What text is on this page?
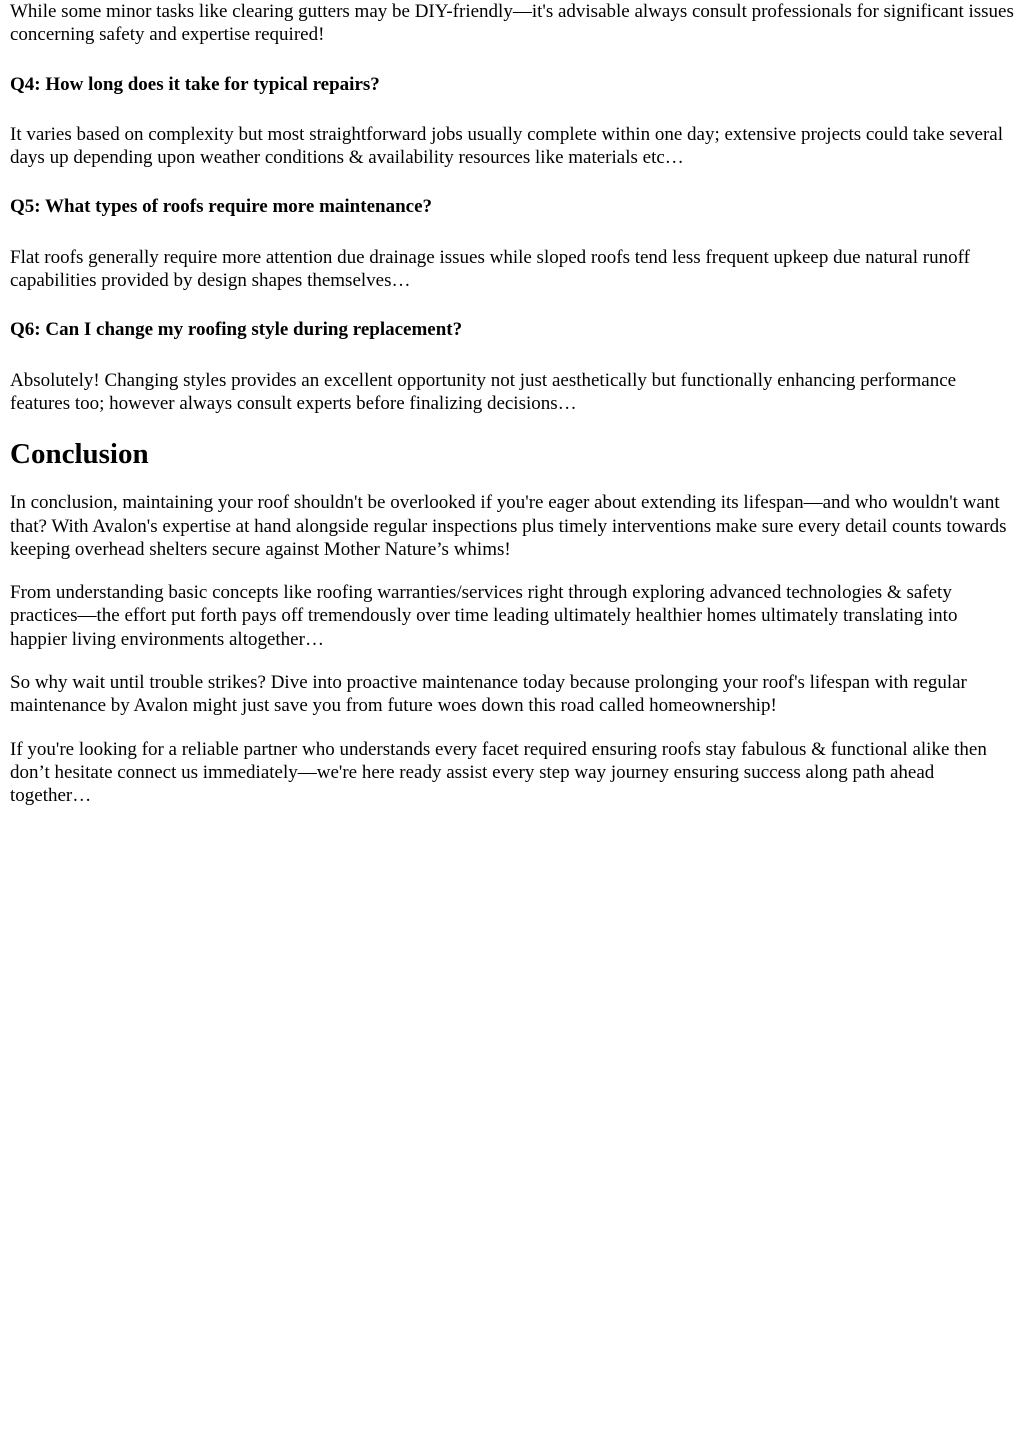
While some minor tasks like clearing gutters may be DIY-friendly—it's advisable always consult professionals for significant issues concerning safety and expertise required!

Q4: How long does it take for typical repairs?

It varies based on complexity but most straightforward jobs usually complete within one day; extensive projects could take several days up depending upon weather conditions & availability resources like materials etc…

Q5: What types of roofs require more maintenance?

Flat roofs generally require more attention due drainage issues while sloped roofs tend less frequent upkeep due natural runoff capabilities provided by design shapes themselves…

Q6: Can I change my roofing style during replacement?

Absolutely! Changing styles provides an excellent opportunity not just aesthetically but functionally enhancing performance features too; however always consult experts before finalizing decisions…

Conclusion

In conclusion, maintaining your roof shouldn't be overlooked if you're eager about extending its lifespan—and who wouldn't want that? With Avalon's expertise at hand alongside regular inspections plus timely interventions make sure every detail counts towards keeping overhead shelters secure against Mother Nature’s whims!

From understanding basic concepts like roofing warranties/services right through exploring advanced technologies & safety practices—the effort put forth pays off tremendously over time leading ultimately healthier homes ultimately translating into happier living environments altogether…

So why wait until trouble strikes? Dive into proactive maintenance today because prolonging your roof's lifespan with regular maintenance by Avalon might just save you from future woes down this road called homeownership!

If you're looking for a reliable partner who understands every facet required ensuring roofs stay fabulous & functional alike then don’t hesitate connect us immediately—we're here ready assist every step way journey ensuring success along path ahead together…
